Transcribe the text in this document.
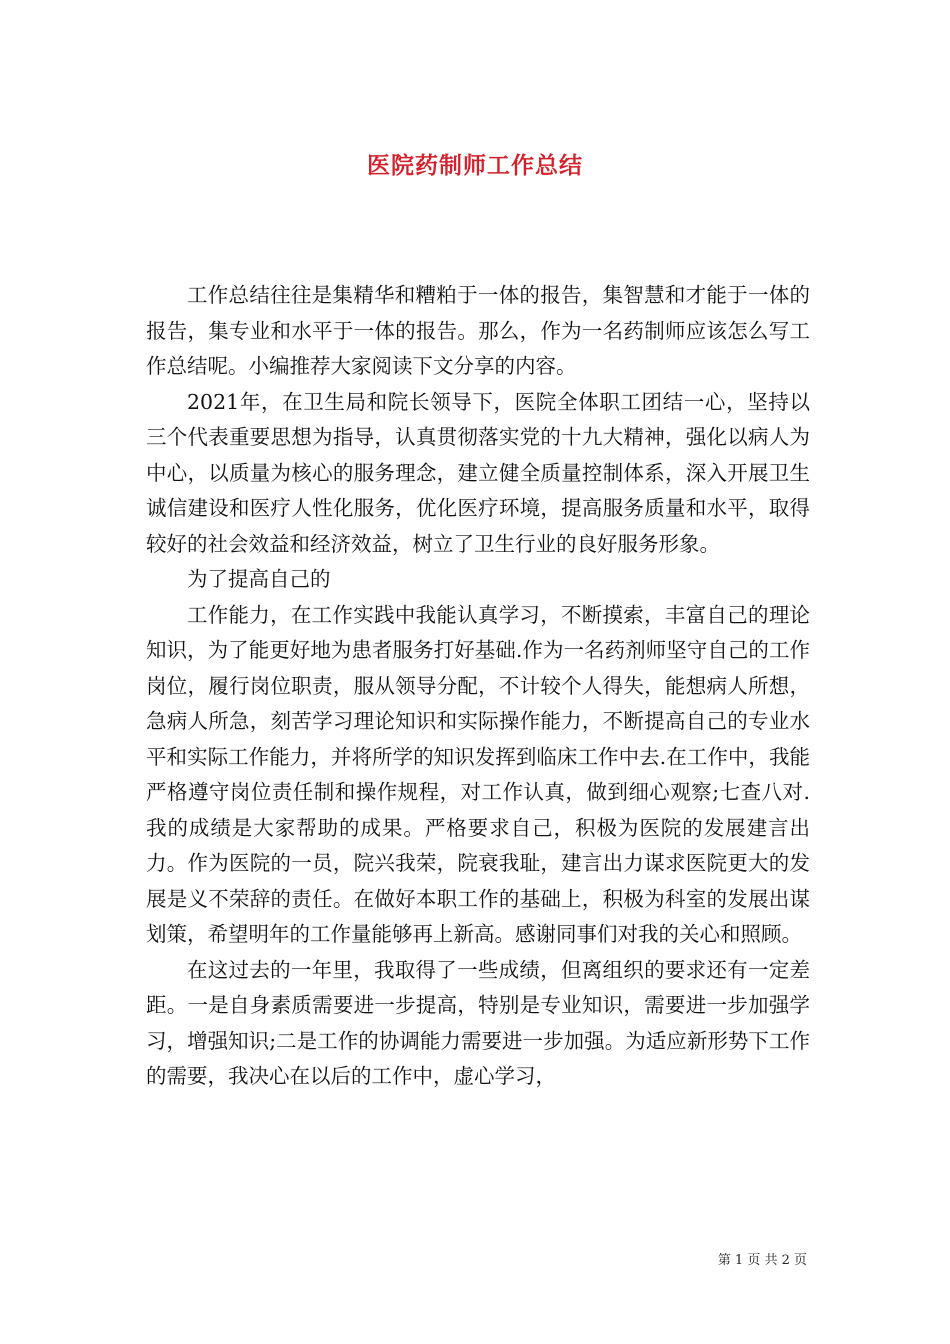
医院药制师工作总结

工作总结往往是集精华和糟粕于一体的报告，集智慧和才能于一体的报告，集专业和水平于一体的报告。那么，作为一名药制师应该怎么写工作总结呢。小编推荐大家阅读下文分享的内容。

2021年，在卫生局和院长领导下，医院全体职工团结一心，坚持以三个代表重要思想为指导，认真贯彻落实党的十九大精神，强化以病人为中心，以质量为核心的服务理念，建立健全质量控制体系，深入开展卫生诚信建设和医疗人性化服务，优化医疗环境，提高服务质量和水平，取得较好的社会效益和经济效益，树立了卫生行业的良好服务形象。

为了提高自己的

工作能力，在工作实践中我能认真学习，不断摸索，丰富自己的理论知识，为了能更好地为患者服务打好基础.作为一名药剂师坚守自己的工作岗位，履行岗位职责，服从领导分配，不计较个人得失，能想病人所想，急病人所急，刻苦学习理论知识和实际操作能力，不断提高自己的专业水平和实际工作能力，并将所学的知识发挥到临床工作中去.在工作中，我能严格遵守岗位责任制和操作规程，对工作认真，做到细心观察;七查八对.我的成绩是大家帮助的成果。严格要求自己，积极为医院的发展建言出力。作为医院的一员，院兴我荣，院衰我耻，建言出力谋求医院更大的发展是义不荣辞的责任。在做好本职工作的基础上，积极为科室的发展出谋划策，希望明年的工作量能够再上新高。感谢同事们对我的关心和照顾。

在这过去的一年里，我取得了一些成绩，但离组织的要求还有一定差距。一是自身素质需要进一步提高，特别是专业知识，需要进一步加强学习，增强知识;二是工作的协调能力需要进一步加强。为适应新形势下工作的需要，我决心在以后的工作中，虚心学习，

第 1 页 共 2 页
